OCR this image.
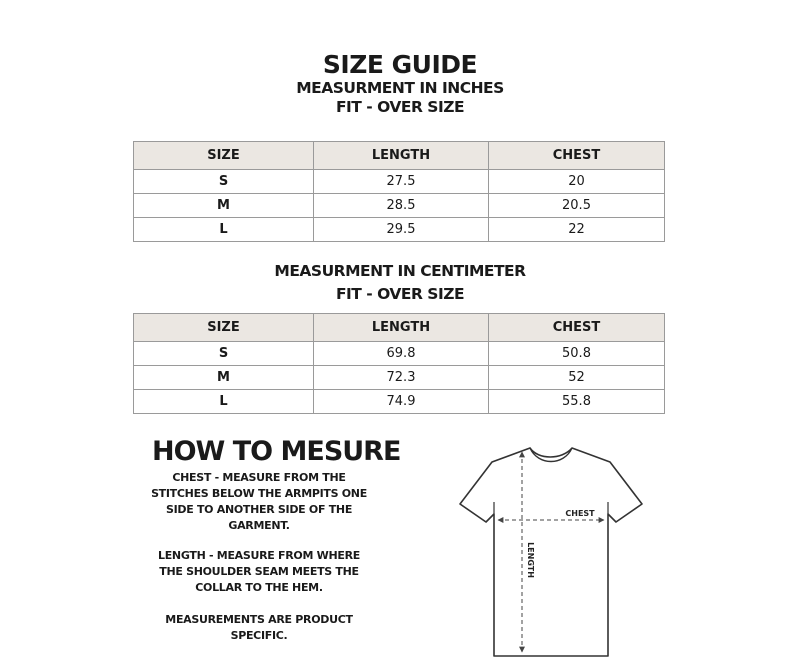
SIZE GUIDE
MEASURMENT IN INCHES
FIT - OVER SIZE
SIZE	LENGTH	CHEST
S	27.5	20
M	28.5	20.5
L	29.5	22
MEASURMENT IN CENTIMETER
FIT - OVER SIZE
SIZE	LENGTH	CHEST
S	69.8	50.8
M	72.3	52
L	74.9	55.8
HOW TO MESURE
CHEST - MEASURE FROM THE STITCHES BELOW THE ARMPITS ONE SIDE TO ANOTHER SIDE OF THE GARMENT.
LENGTH - MEASURE FROM WHERE THE SHOULDER SEAM MEETS THE COLLAR TO THE HEM.
MEASUREMENTS ARE PRODUCT SPECIFIC.
CHEST
LENGTH
